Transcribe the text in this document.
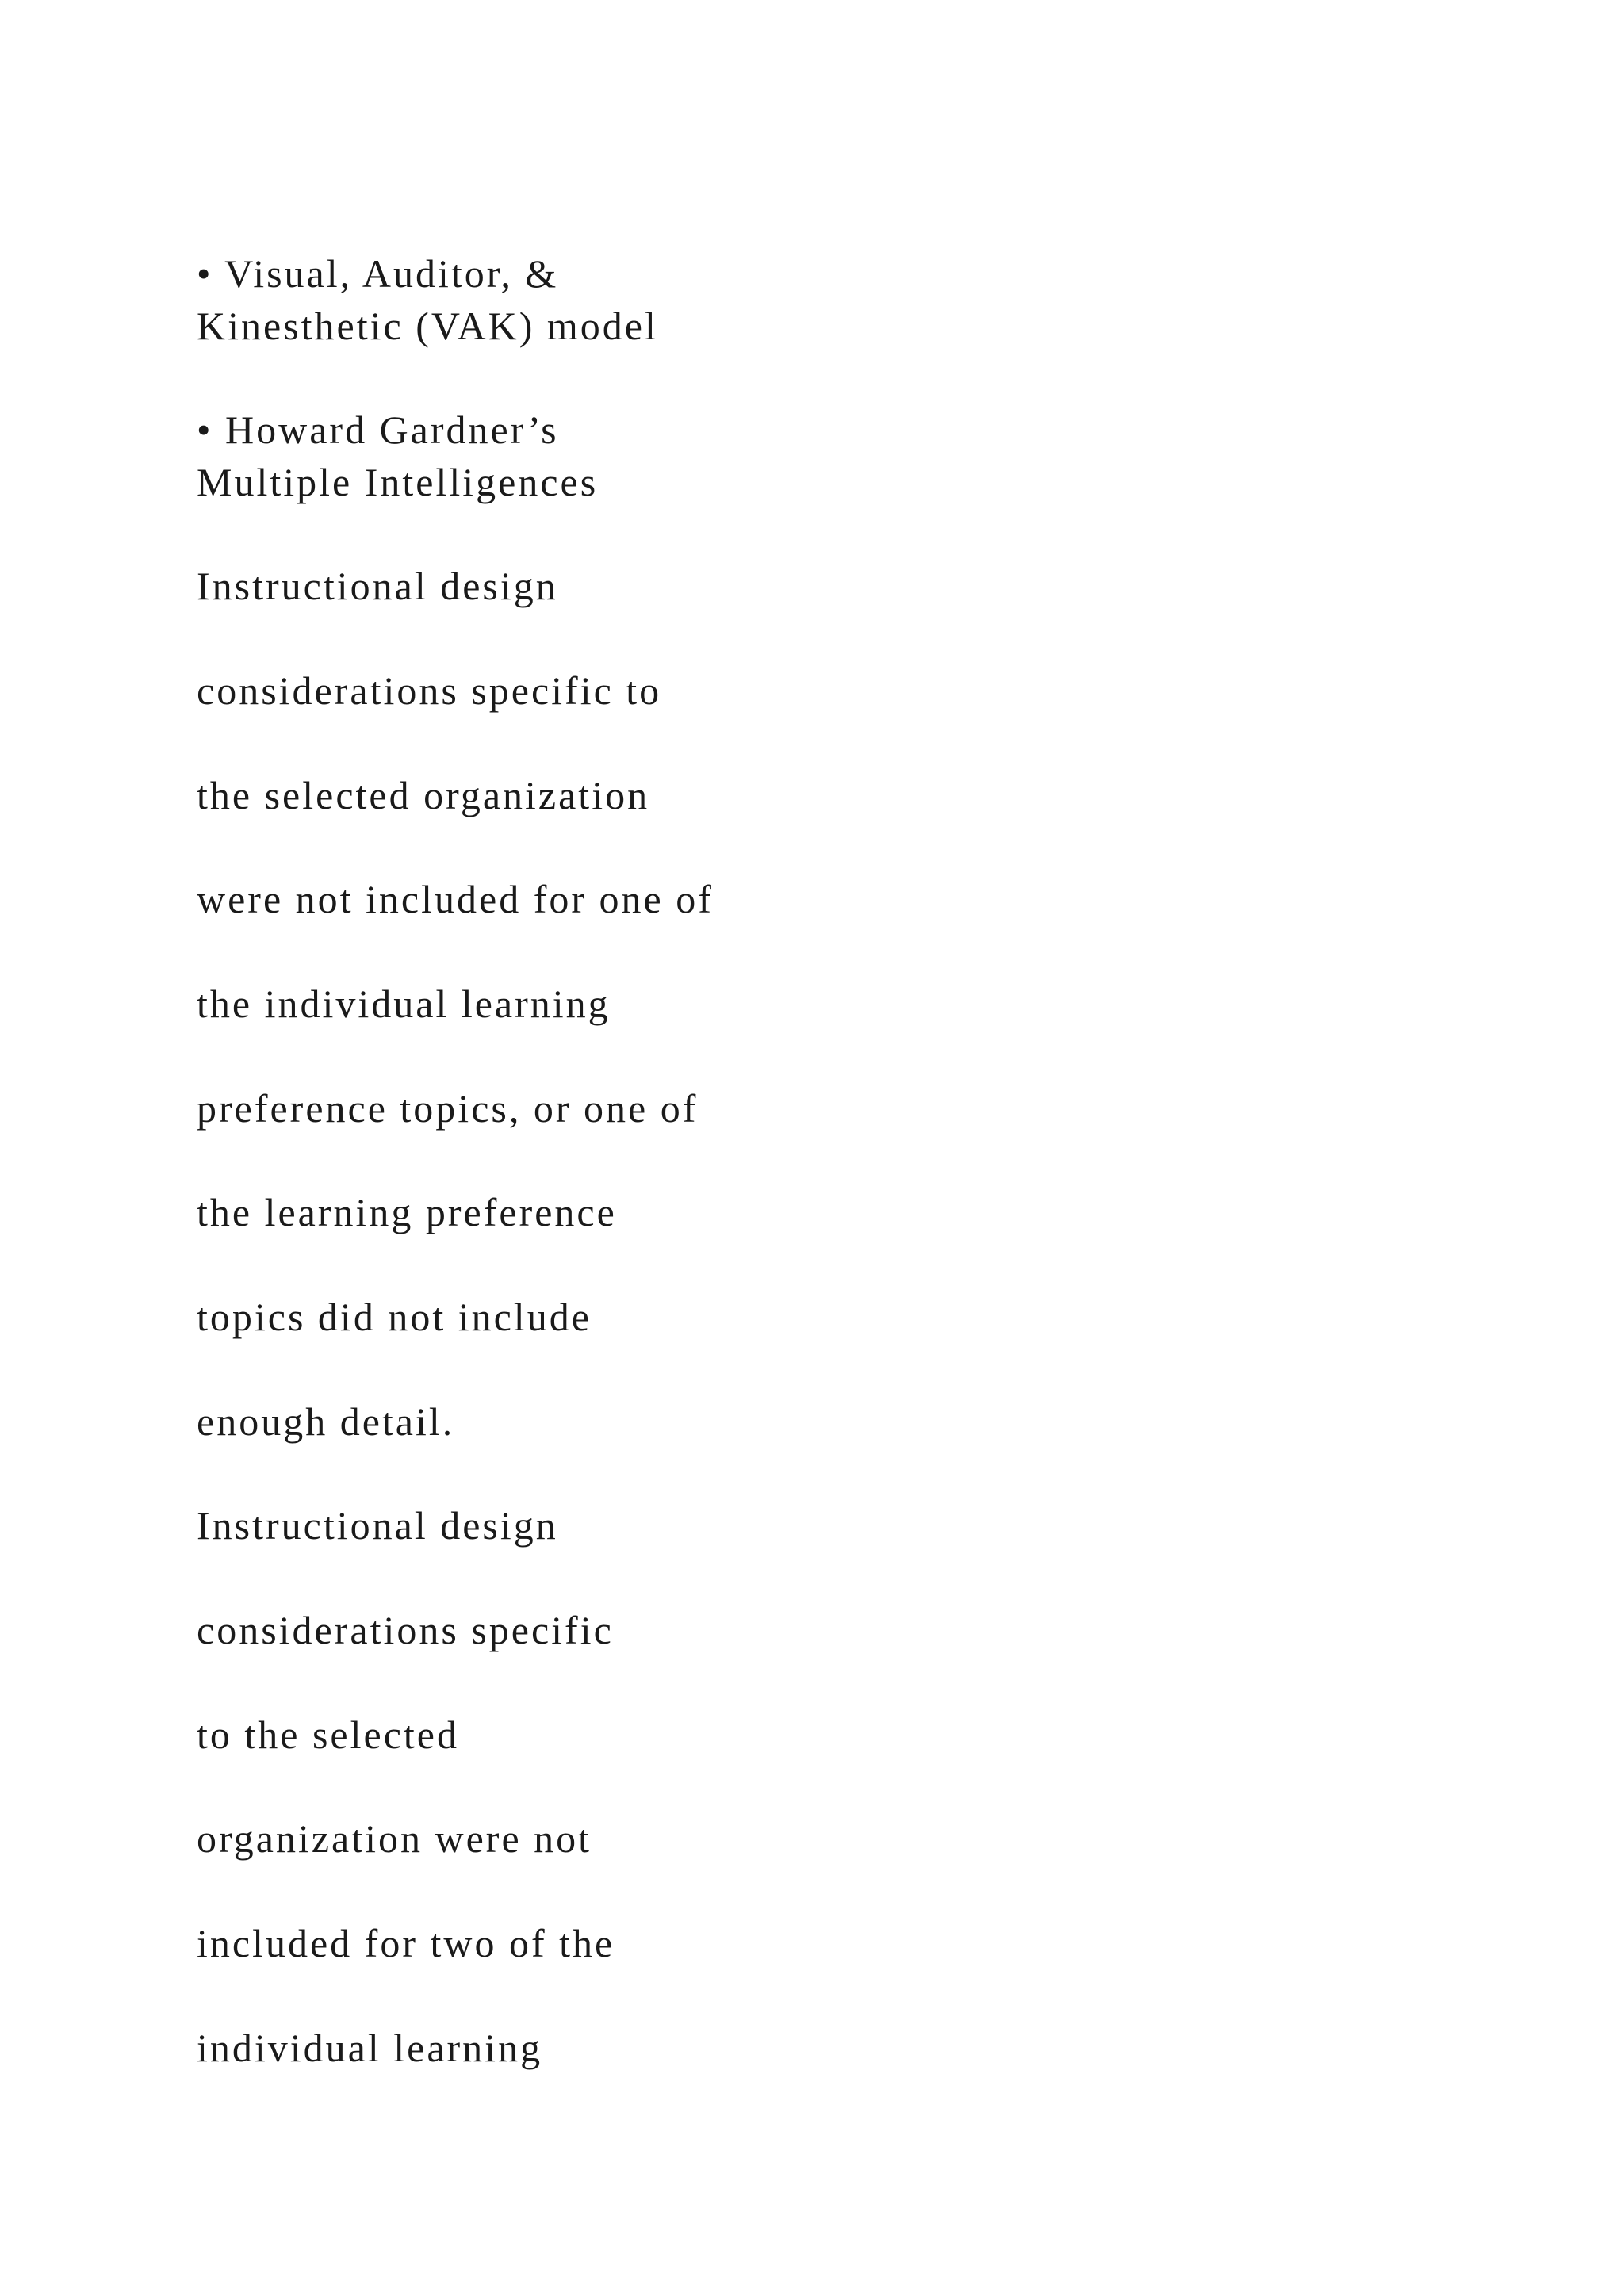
• Visual, Auditor, &
Kinesthetic (VAK) model
• Howard Gardner’s
Multiple Intelligences
Instructional design
considerations specific to
the selected organization
were not included for one of
the individual learning
preference topics, or one of
the learning preference
topics did not include
enough detail.
Instructional design
considerations specific
to the selected
organization were not
included for two of the
individual learning
